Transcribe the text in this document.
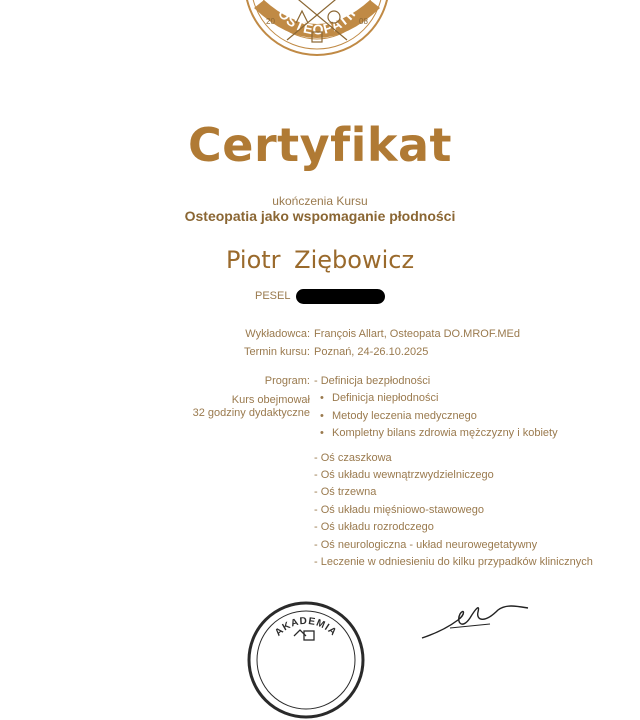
OSTEOPATII
20	08
Certyfikat
ukończenia Kursu
Osteopatia jako wspomaganie płodności
Piotr Ziębowicz
PESEL
Wykładowca: François Allart, Osteopata DO.MROF.MEd
Termin kursu: Poznań, 24-26.10.2025
Program:
Kurs obejmował
32 godziny dydaktyczne
- Definicja bezpłodności
• Definicja niepłodności
• Metody leczenia medycznego
• Kompletny bilans zdrowia mężczyzny i kobiety
- Oś czaszkowa
- Oś układu wewnątrzwydzielniczego
- Oś trzewna
- Oś układu mięśniowo-stawowego
- Oś układu rozrodczego
- Oś neurologiczna - układ neurowegetatywny
- Leczenie w odniesieniu do kilku przypadków klinicznych
AKADEMIA
